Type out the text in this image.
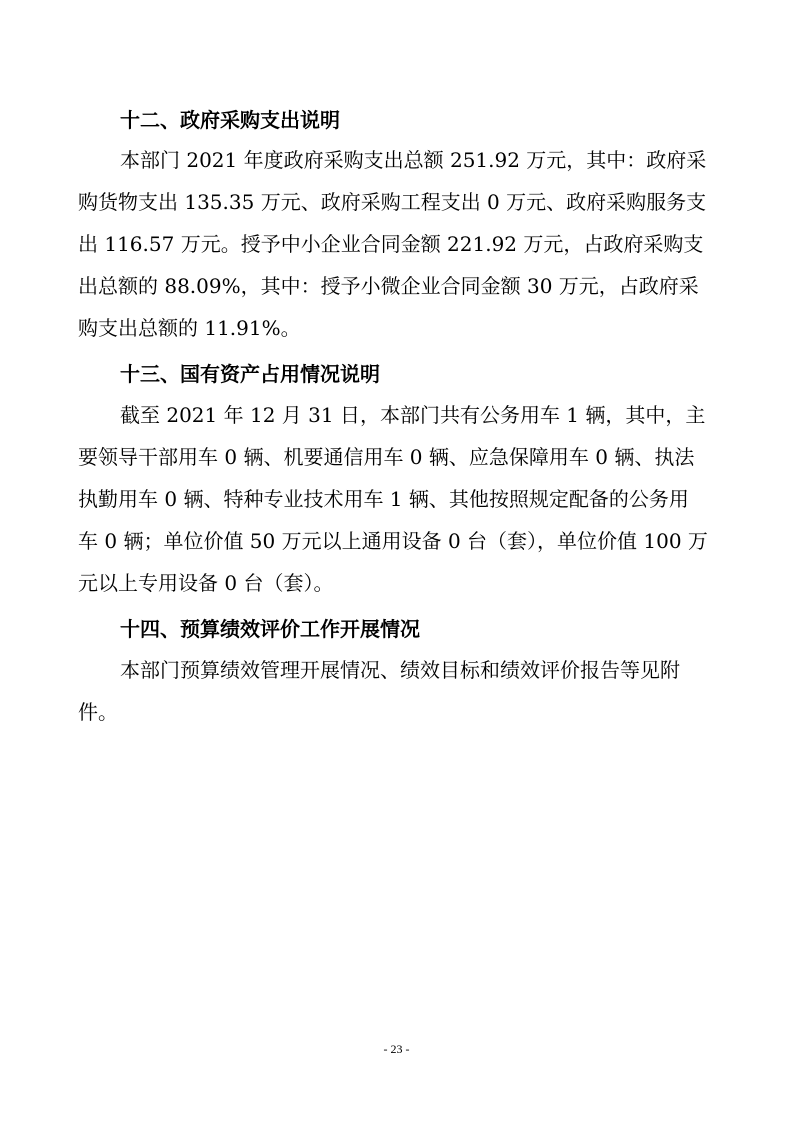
十二、政府采购支出说明
本部门 2021 年度政府采购支出总额 251.92 万元，其中：政府采
购货物支出 135.35 万元、政府采购工程支出 0 万元、政府采购服务支
出 116.57 万元。授予中小企业合同金额 221.92 万元，占政府采购支
出总额的 88.09%，其中：授予小微企业合同金额 30 万元，占政府采
购支出总额的 11.91%。
十三、国有资产占用情况说明
截至 2021 年 12 月 31 日，本部门共有公务用车 1 辆，其中，主
要领导干部用车 0 辆、机要通信用车 0 辆、应急保障用车 0 辆、执法
执勤用车 0 辆、特种专业技术用车 1 辆、其他按照规定配备的公务用
车 0 辆；单位价值 50 万元以上通用设备 0 台（套），单位价值 100 万
元以上专用设备 0 台（套）。
十四、预算绩效评价工作开展情况
本部门预算绩效管理开展情况、绩效目标和绩效评价报告等见附
件。
- 23 -
